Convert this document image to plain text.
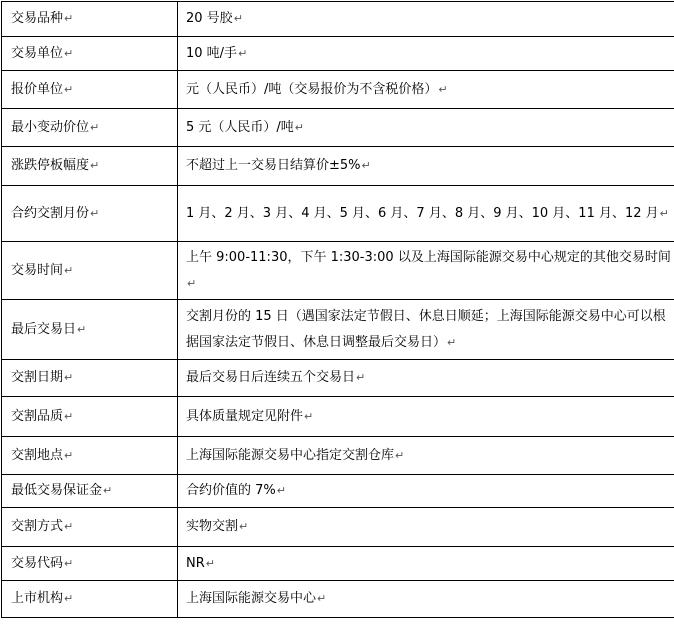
交易品种↵	20 号胶↵
交易单位↵	10 吨/手↵
报价单位↵	元（人民币）/吨（交易报价为不含税价格）↵
最小变动价位↵	5 元（人民币）/吨↵
涨跌停板幅度↵	不超过上一交易日结算价±5%↵
合约交割月份↵	1 月、2 月、3 月、4 月、5 月、6 月、7 月、8 月、9 月、10 月、11 月、12 月↵
交易时间↵	上午 9:00-11:30，下午 1:30-3:00 以及上海国际能源交易中心规定的其他交易时间↵
最后交易日↵	交割月份的 15 日（遇国家法定节假日、休息日顺延；上海国际能源交易中心可以根据国家法定节假日、休息日调整最后交易日）↵
交割日期↵	最后交易日后连续五个交易日↵
交割品质↵	具体质量规定见附件↵
交割地点↵	上海国际能源交易中心指定交割仓库↵
最低交易保证金↵	合约价值的 7%↵
交割方式↵	实物交割↵
交易代码↵	NR↵
上市机构↵	上海国际能源交易中心↵
